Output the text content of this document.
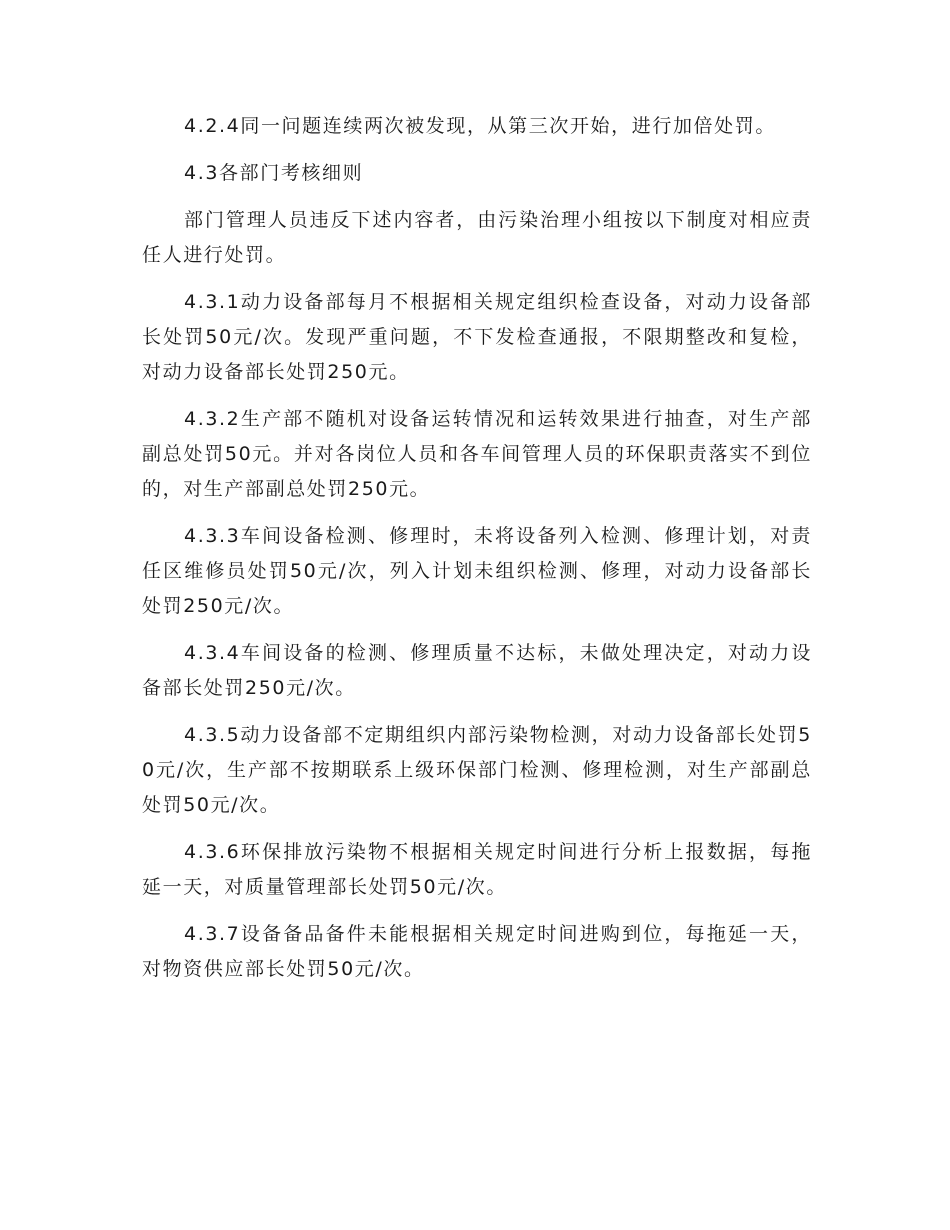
4.2.4同一问题连续两次被发现，从第三次开始，进行加倍处罚。

4.3各部门考核细则

部门管理人员违反下述内容者，由污染治理小组按以下制度对相应责任人进行处罚。

4.3.1动力设备部每月不根据相关规定组织检查设备，对动力设备部长处罚50元/次。发现严重问题，不下发检查通报，不限期整改和复检，对动力设备部长处罚250元。

4.3.2生产部不随机对设备运转情况和运转效果进行抽查，对生产部副总处罚50元。并对各岗位人员和各车间管理人员的环保职责落实不到位的，对生产部副总处罚250元。

4.3.3车间设备检测、修理时，未将设备列入检测、修理计划，对责任区维修员处罚50元/次，列入计划未组织检测、修理，对动力设备部长处罚250元/次。

4.3.4车间设备的检测、修理质量不达标，未做处理决定，对动力设备部长处罚250元/次。

4.3.5动力设备部不定期组织内部污染物检测，对动力设备部长处罚50元/次，生产部不按期联系上级环保部门检测、修理检测，对生产部副总处罚50元/次。

4.3.6环保排放污染物不根据相关规定时间进行分析上报数据，每拖延一天，对质量管理部长处罚50元/次。

4.3.7设备备品备件未能根据相关规定时间进购到位，每拖延一天，对物资供应部长处罚50元/次。
